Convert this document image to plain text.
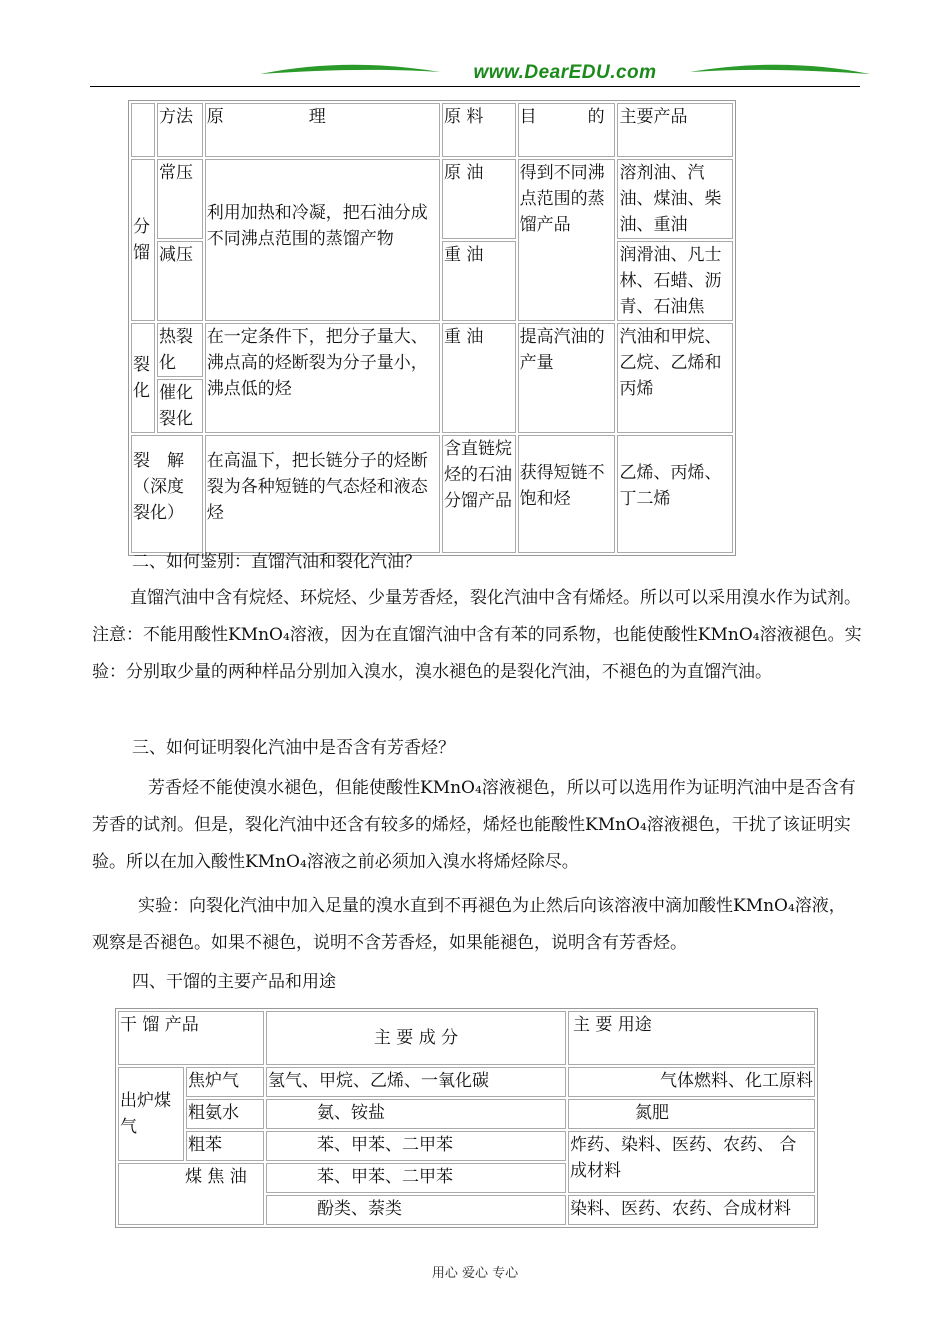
www.DearEDU.com
	方法	原　　　　　理	原 料	目　　　的	主要产品
分馏	常压	利用加热和冷凝，把石油分成不同沸点范围的蒸馏产物	原 油	得到不同沸点范围的蒸馏产品	溶剂油、汽油、煤油、柴油、重油
	减压		重 油		润滑油、凡士林、石蜡、沥青、石油焦
裂化	热裂化	在一定条件下，把分子量大、沸点高的烃断裂为分子量小，沸点低的烃	重 油	提高汽油的产量	汽油和甲烷、乙烷、乙烯和丙烯
	催化裂化				
裂　解（深度裂化）		在高温下，把长链分子的烃断裂为各种短链的气态烃和液态烃	含直链烷烃的石油分馏产品	获得短链不饱和烃	乙烯、丙烯、丁二烯
二、如何鉴别：直馏汽油和裂化汽油？
直馏汽油中含有烷烃、环烷烃、少量芳香烃，裂化汽油中含有烯烃。所以可以采用溴水作为试剂。注意：不能用酸性KMnO₄溶液，因为在直馏汽油中含有苯的同系物，也能使酸性KMnO₄溶液褪色。实验：分别取少量的两种样品分别加入溴水，溴水褪色的是裂化汽油，不褪色的为直馏汽油。
三、如何证明裂化汽油中是否含有芳香烃？
芳香烃不能使溴水褪色，但能使酸性KMnO₄溶液褪色，所以可以选用作为证明汽油中是否含有芳香的试剂。但是，裂化汽油中还含有较多的烯烃，烯烃也能酸性KMnO₄溶液褪色，干扰了该证明实验。所以在加入酸性KMnO₄溶液之前必须加入溴水将烯烃除尽。
实验：向裂化汽油中加入足量的溴水直到不再褪色为止然后向该溶液中滴加酸性KMnO₄溶液，观察是否褪色。如果不褪色，说明不含芳香烃，如果能褪色，说明含有芳香烃。
四、干馏的主要产品和用途
干 馏 产品		主 要 成 分	主 要 用途
出炉煤气	焦炉气	氢气、甲烷、乙烯、一氧化碳	气体燃料、化工原料
	粗氨水	氨、铵盐	氮肥
	粗苯	苯、甲苯、二甲苯	炸药、染料、医药、农药、 合成材料
煤 焦 油		苯、甲苯、二甲苯	
		酚类、萘类	染料、医药、农药、合成材料
用心 爱心 专心
